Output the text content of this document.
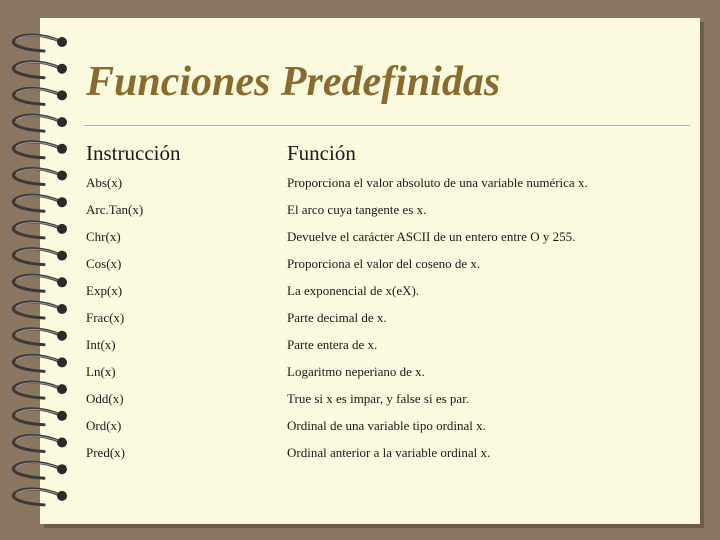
Funciones Predefinidas
Instrucción	Función
Abs(x)	Proporciona el valor absoluto de una variable numérica x.
Arc.Tan(x)	El arco cuya tangente es x.
Chr(x)	Devuelve el carácter ASCII de un entero entre O y 255.
Cos(x)	Proporciona el valor del coseno de x.
Exp(x)	La exponencial de x(eX).
Frac(x)	Parte decimal de x.
Int(x)	Parte entera de x.
Ln(x)	Logaritmo neperiano de x.
Odd(x)	True si x es impar, y false si es par.
Ord(x)	Ordinal de una variable tipo ordinal x.
Pred(x)	Ordinal anterior a la variable ordinal x.
